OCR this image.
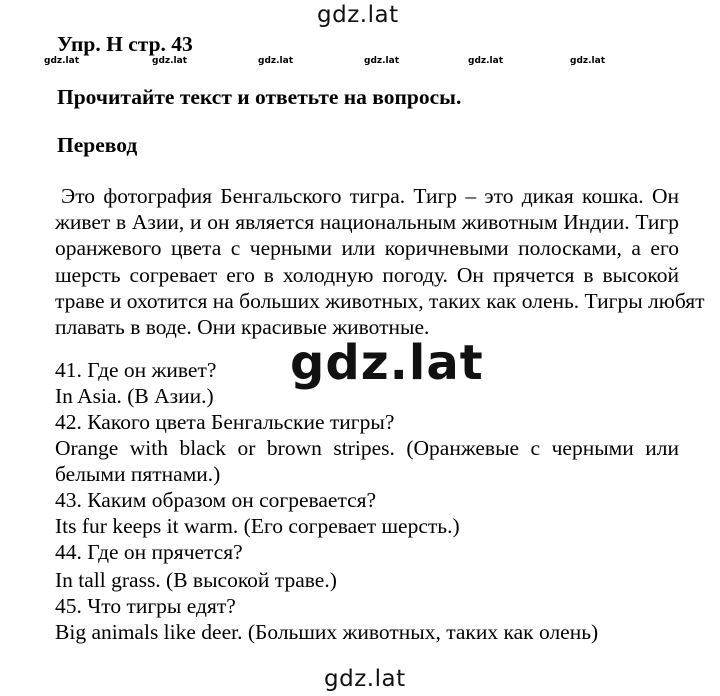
gdz.lat
Упр. H стр. 43
gdz.lat	gdz.lat	gdz.lat	gdz.lat	gdz.lat	gdz.lat
Прочитайте текст и ответьте на вопросы.
Перевод
Это фотография Бенгальского тигра. Тигр – это дикая кошка. Он
живет в Азии, и он является национальным животным Индии. Тигр
оранжевого цвета с черными или коричневыми полосками, а его
шерсть согревает его в холодную погоду. Он прячется в высокой
траве и охотится на больших животных, таких как олень. Тигры любят
плавать в воде. Они красивые животные.
41. Где он живет?
In Asia. (В Азии.)
42. Какого цвета Бенгальские тигры?
Orange with black or brown stripes. (Оранжевые с черными или
белыми пятнами.)
43. Каким образом он согревается?
Its fur keeps it warm. (Его согревает шерсть.)
44. Где он прячется?
In tall grass. (В высокой траве.)
45. Что тигры едят?
Big animals like deer. (Больших животных, таких как олень)
gdz.lat
gdz.lat
